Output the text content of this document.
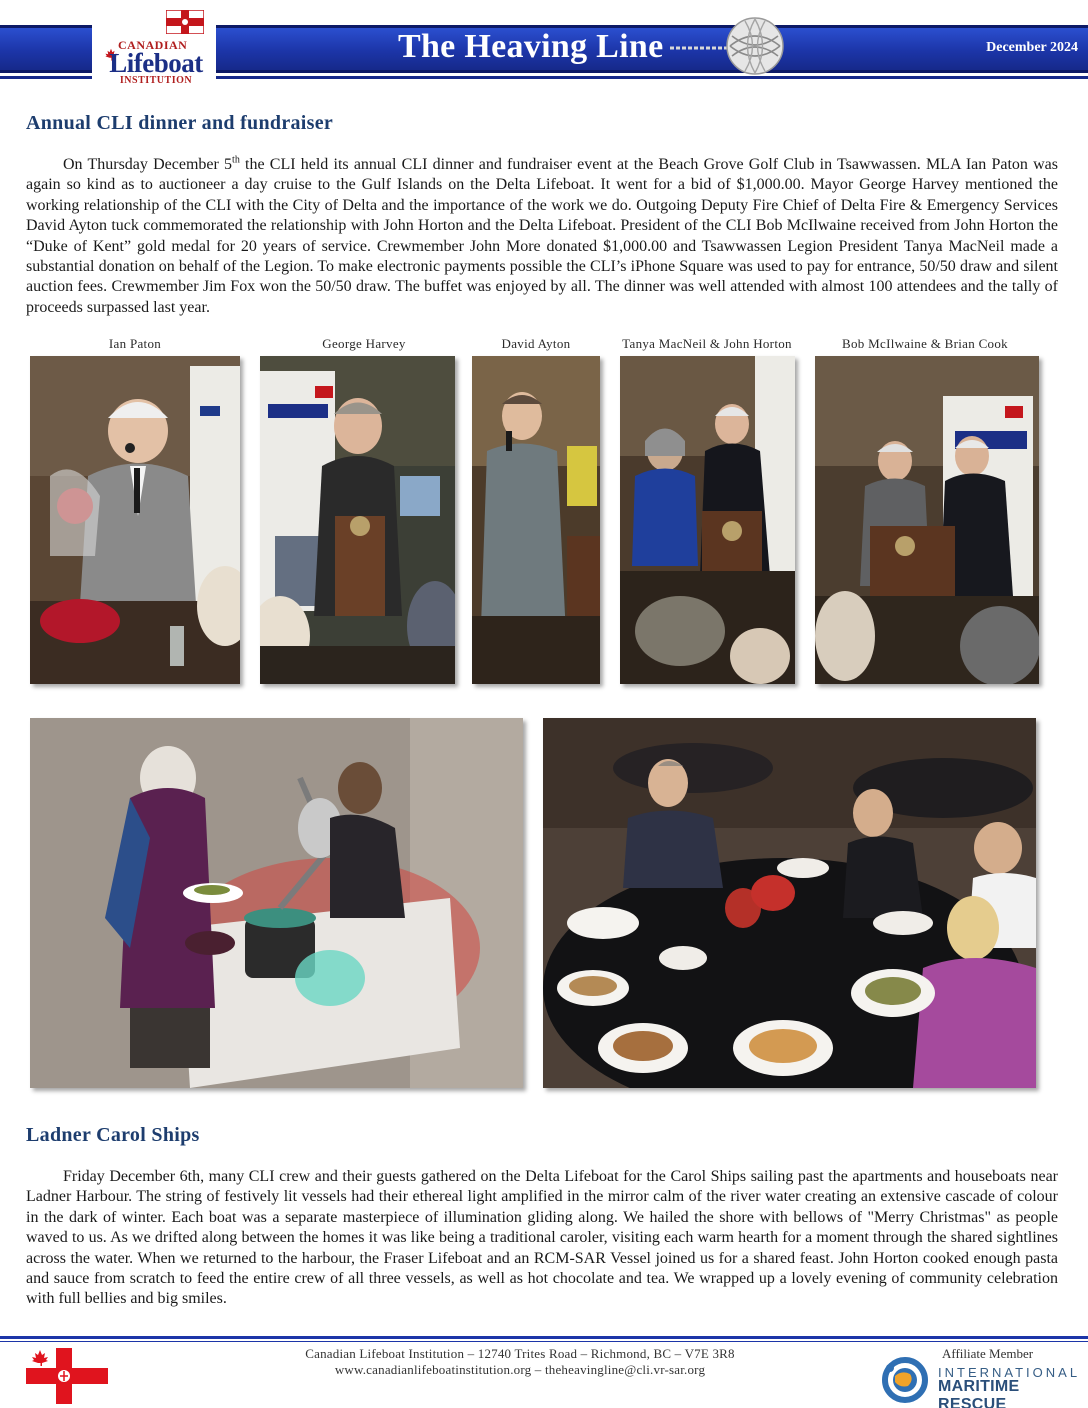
CANADIAN
Lifeboat
INSTITUTION
The Heaving Line	December 2024
Annual CLI dinner and fundraiser
On Thursday December 5th the CLI held its annual CLI dinner and fundraiser event at the Beach Grove Golf Club in Tsawwassen. MLA Ian Paton was again so kind as to auctioneer a day cruise to the Gulf Islands on the Delta Lifeboat. It went for a bid of $1,000.00. Mayor George Harvey mentioned the working relationship of the CLI with the City of Delta and the importance of the work we do. Outgoing Deputy Fire Chief of Delta Fire & Emergency Services David Ayton tuck commemorated the relationship with John Horton and the Delta Lifeboat. President of the CLI Bob McIlwaine received from John Horton the “Duke of Kent” gold medal for 20 years of service. Crewmember John More donated $1,000.00 and Tsawwassen Legion President Tanya MacNeil made a substantial donation on behalf of the Legion. To make electronic payments possible the CLI’s iPhone Square was used to pay for entrance, 50/50 draw and silent auction fees. Crewmember Jim Fox won the 50/50 draw. The buffet was enjoyed by all. The dinner was well attended with almost 100 attendees and the tally of proceeds surpassed last year.
Ian Paton	George Harvey	David Ayton	Tanya MacNeil & John Horton	Bob McIlwaine & Brian Cook
Ladner Carol Ships
Friday December 6th, many CLI crew and their guests gathered on the Delta Lifeboat for the Carol Ships sailing past the apartments and houseboats near Ladner Harbour. The string of festively lit vessels had their ethereal light amplified in the mirror calm of the river water creating an extensive cascade of colour in the dark of winter. Each boat was a separate masterpiece of illumination gliding along. We hailed the shore with bellows of "Merry Christmas" as people waved to us. As we drifted along between the homes it was like being a traditional caroler, visiting each warm hearth for a moment through the shared sightlines across the water. When we returned to the harbour, the Fraser Lifeboat and an RCM-SAR Vessel joined us for a shared feast. John Horton cooked enough pasta and sauce from scratch to feed the entire crew of all three vessels, as well as hot chocolate and tea. We wrapped up a lovely evening of community celebration with full bellies and big smiles.
Canadian Lifeboat Institution – 12740 Trites Road – Richmond, BC – V7E 3R8
www.canadianlifeboatinstitution.org – theheavingline@cli.vr-sar.org
Affiliate Member
INTERNATIONAL
MARITIME RESCUE
